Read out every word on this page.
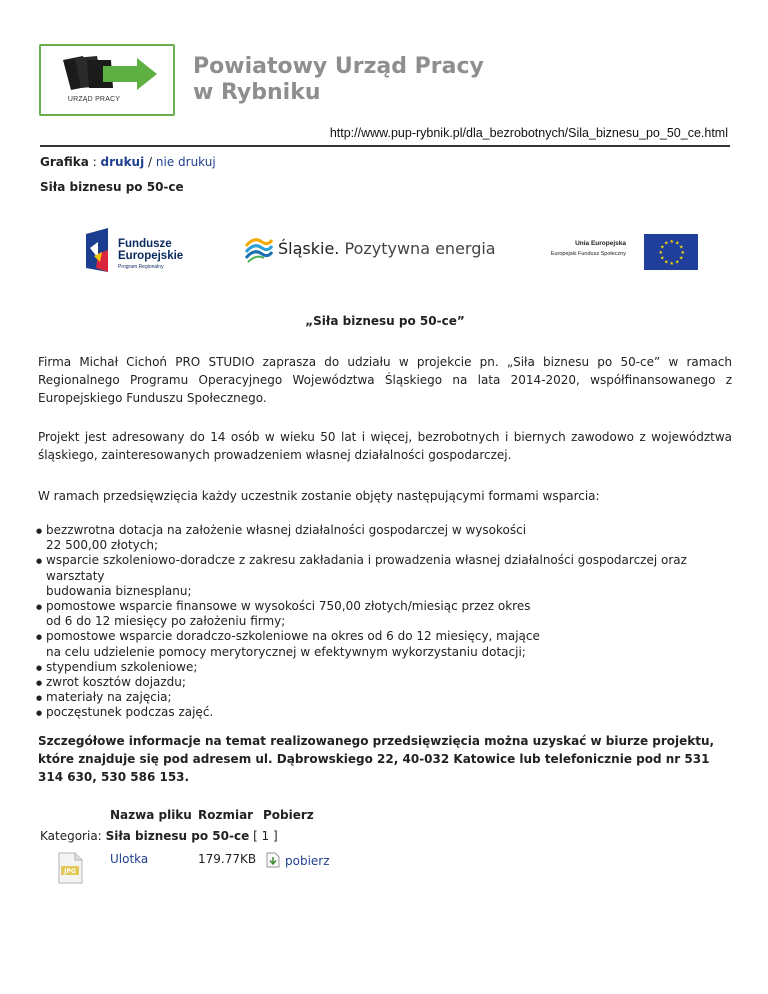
URZĄD PRACY
Powiatowy Urząd Pracy
w Rybniku
http://www.pup-rybnik.pl/dla_bezrobotnych/Sila_biznesu_po_50_ce.html
Grafika : drukuj / nie drukuj
Siła biznesu po 50-ce
Fundusze
Europejskie
Program Regionalny
Śląskie. Pozytywna energia	Unia Europejska
Europejski Fundusz Społeczny
★ ★
★
★
★
★
★
★
★
★
★
★
„Siła biznesu po 50-ce”
Firma Michał Cichoń PRO STUDIO zaprasza do udziału w projekcie pn. „Siła biznesu po 50-ce” w ramach Regionalnego Programu Operacyjnego Województwa Śląskiego na lata 2014-2020, współfinansowanego z Europejskiego Funduszu Społecznego.
Projekt jest adresowany do 14 osób w wieku 50 lat i więcej, bezrobotnych i biernych zawodowo z województwa śląskiego, zainteresowanych prowadzeniem własnej działalności gospodarczej.
W ramach przedsięwzięcia każdy uczestnik zostanie objęty następującymi formami wsparcia:
● bezzwrotna dotacja na założenie własnej działalności gospodarczej w wysokości
22 500,00 złotych;
● wsparcie szkoleniowo-doradcze z zakresu zakładania i prowadzenia własnej działalności gospodarczej oraz warsztaty
budowania biznesplanu;
● pomostowe wsparcie finansowe w wysokości 750,00 złotych/miesiąc przez okres
od 6 do 12 miesięcy po założeniu firmy;
● pomostowe wsparcie doradczo-szkoleniowe na okres od 6 do 12 miesięcy, mające
na celu udzielenie pomocy merytorycznej w efektywnym wykorzystaniu dotacji;
● stypendium szkoleniowe;
● zwrot kosztów dojazdu;
● materiały na zajęcia;
● poczęstunek podczas zajęć.
Szczegółowe informacje na temat realizowanego przedsięwzięcia można uzyskać w biurze projektu, które znajduje się pod adresem ul. Dąbrowskiego 22, 40-032 Katowice lub telefonicznie pod nr 531 314 630, 530 586 153.
Nazwa pliku Rozmiar Pobierz
Kategoria: Siła biznesu po 50-ce [ 1 ]
JPG
Ulotka	179.77KB pobierz
